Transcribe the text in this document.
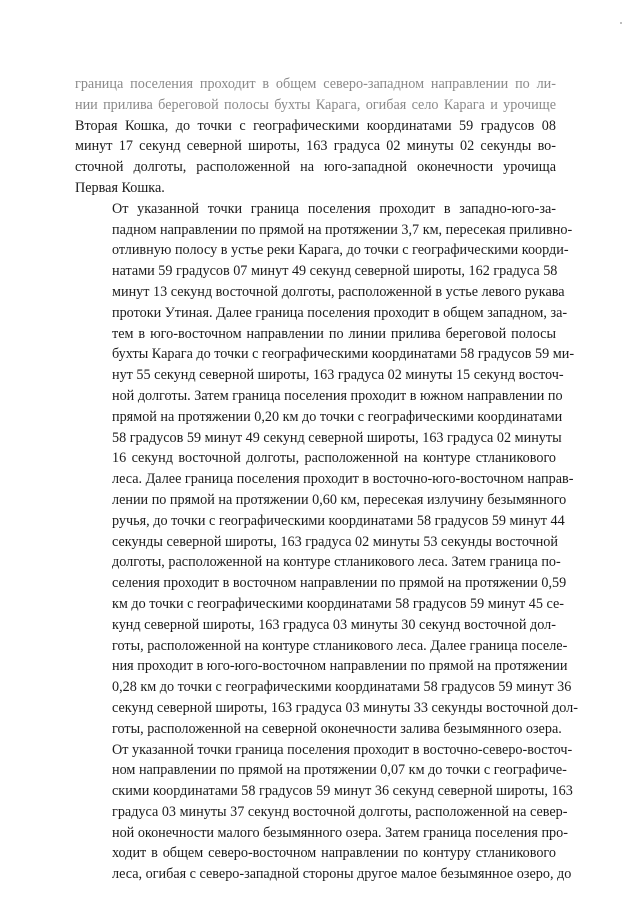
граница поселения проходит в общем северо-западном направлении по ли-
нии прилива береговой полосы бухты Карага, огибая село Карага и урочище
Вторая Кошка, до точки с географическими координатами 59 градусов 08
минут 17 секунд северной широты, 163 градуса 02 минуты 02 секунды во-
сточной долготы, расположенной на юго-западной оконечности урочища
Первая Кошка.
От указанной точки граница поселения проходит в западно-юго-за-
падном направлении по прямой на протяжении 3,7 км, пересекая приливно-
отливную полосу в устье реки Карага, до точки с географическими коорди-
натами 59 градусов 07 минут 49 секунд северной широты, 162 градуса 58
минут 13 секунд восточной долготы, расположенной в устье левого рукава
протоки Утиная. Далее граница поселения проходит в общем западном, за-
тем в юго-восточном направлении по линии прилива береговой полосы
бухты Карага до точки с географическими координатами 58 градусов 59 ми-
нут 55 секунд северной широты, 163 градуса 02 минуты 15 секунд восточ-
ной долготы. Затем граница поселения проходит в южном направлении по
прямой на протяжении 0,20 км до точки с географическими координатами
58 градусов 59 минут 49 секунд северной широты, 163 градуса 02 минуты
16 секунд восточной долготы, расположенной на контуре стланикового
леса. Далее граница поселения проходит в восточно-юго-восточном направ-
лении по прямой на протяжении 0,60 км, пересекая излучину безымянного
ручья, до точки с географическими координатами 58 градусов 59 минут 44
секунды северной широты, 163 градуса 02 минуты 53 секунды восточной
долготы, расположенной на контуре стланикового леса. Затем граница по-
селения проходит в восточном направлении по прямой на протяжении 0,59
км до точки с географическими координатами 58 градусов 59 минут 45 се-
кунд северной широты, 163 градуса 03 минуты 30 секунд восточной дол-
готы, расположенной на контуре стланикового леса. Далее граница поселе-
ния проходит в юго-юго-восточном направлении по прямой на протяжении
0,28 км до точки с географическими координатами 58 градусов 59 минут 36
секунд северной широты, 163 градуса 03 минуты 33 секунды восточной дол-
готы, расположенной на северной оконечности залива безымянного озера.
От указанной точки граница поселения проходит в восточно-северо-восточ-
ном направлении по прямой на протяжении 0,07 км до точки с географиче-
скими координатами 58 градусов 59 минут 36 секунд северной широты, 163
градуса 03 минуты 37 секунд восточной долготы, расположенной на север-
ной оконечности малого безымянного озера. Затем граница поселения про-
ходит в общем северо-восточном направлении по контуру стланикового
леса, огибая с северо-западной стороны другое малое безымянное озеро, до
